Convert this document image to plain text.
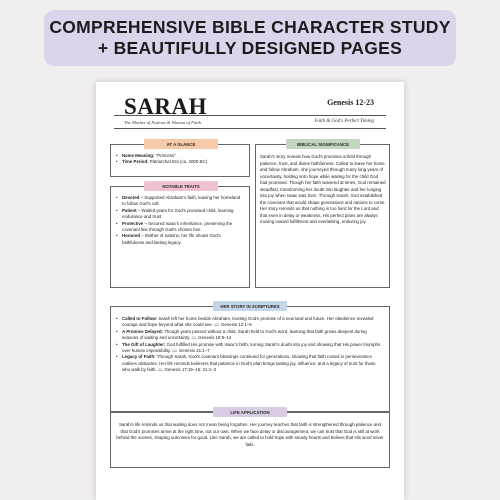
COMPREHENSIVE BIBLE CHARACTER STUDY
+ BEAUTIFULLY DESIGNED PAGES
SARAH
The Mother of Nations & Woman of Faith
Genesis 12-23
Faith & God's Perfect Timing
AT A GLANCE
• Name Meaning: "Princess"
• Time Period: Patriarchal Era (ca. 2000 BC)
NOTABLE TRAITS
• Devoted – Supported Abraham's faith, leaving her homeland to follow God's call.
• Patient – Waited years for God's promised child, learning endurance and trust.
• Protective – Secured Isaac's inheritance, preserving the covenant line through God's chosen heir.
• Honored – Mother of nations, her life shows God's faithfulness and lasting legacy.
BIBLICAL SIGNIFICANCE
Sarah's story reveals how God's promises unfold through patience, trust, and divine faithfulness. Called to leave her home and follow Abraham, she journeyed through many long years of uncertainty, holding onto hope while waiting for the child God had promised. Though her faith wavered at times, God remained steadfast, transforming her doubt into laughter and her longing into joy when Isaac was born. Through Sarah, God established the covenant that would shape generations and nations to come. Her story reminds us that nothing is too hard for the Lord and that even in delay or weakness, His perfect plans are always moving toward fulfillment and everlasting, enduring joy.
HER STORY IN SCRIPTURES
• Called to Follow: Sarah left her home beside Abraham, trusting God's promise of a new land and future. Her obedience revealed courage and hope beyond what she could see. 📖 Genesis 12:1–5
• A Promise Delayed: Though years passed without a child, Sarah held to God's word, learning that faith grows deepest during seasons of waiting and uncertainty. 📖 Genesis 18:9–14
• The Gift of Laughter: God fulfilled His promise with Isaac's birth, turning Sarah's doubt into joy and showing that His power triumphs over human impossibility. 📖 Genesis 21:1–7
• Legacy of Faith: Through Sarah, God's covenant blessings continued for generations, showing that faith rooted in perseverance outlives obstacles. Her life reminds believers that patience in God's plan brings lasting joy, influence, and a legacy of trust for those who walk by faith. 📖 Genesis 17:15–16; 21:1–3
LIFE APPLICATION
Sarah's life reminds us that waiting does not mean being forgotten. Her journey teaches that faith is strengthened through patience and that God's promises arrive at the right time, not our own. When we face delay or discouragement, we can trust that God is still at work behind the scenes, shaping outcomes for good. Like Sarah, we are called to hold hope with steady hearts and believe that His word never fails.
